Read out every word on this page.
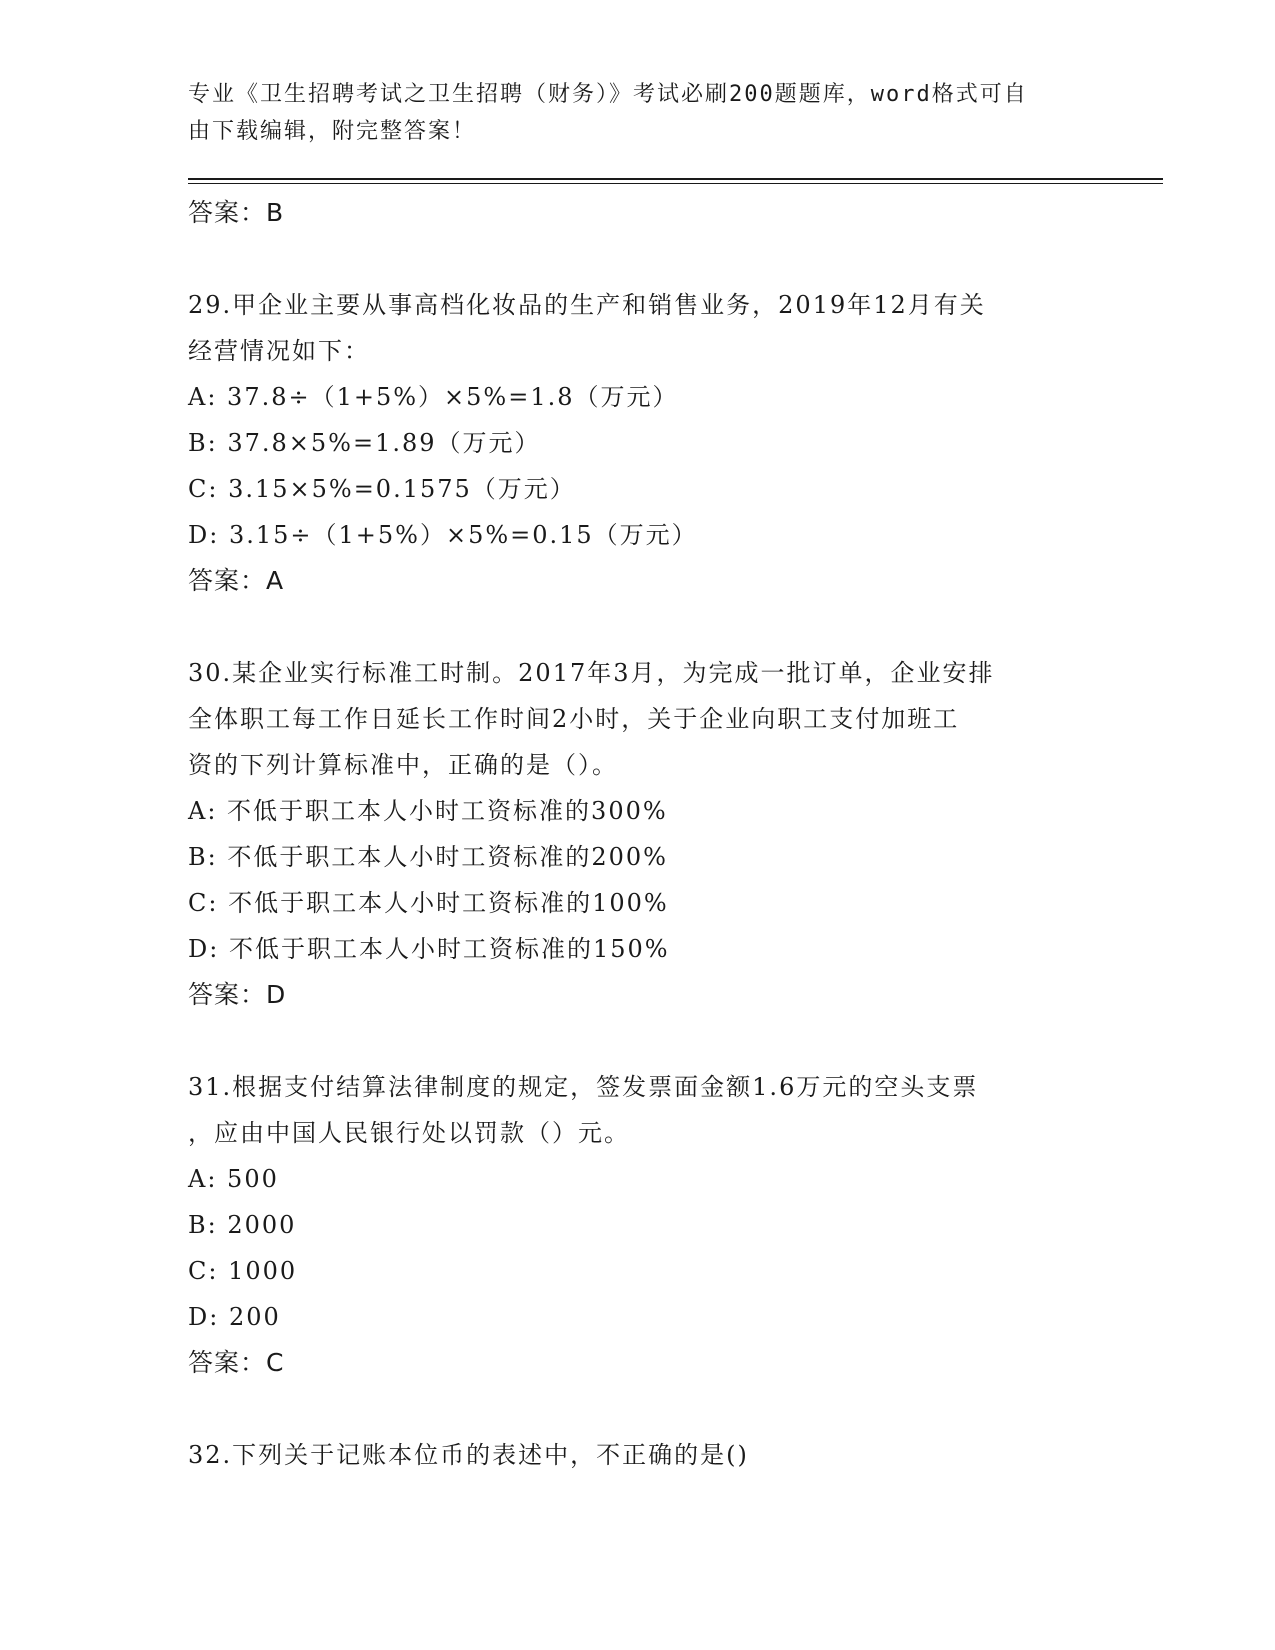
专业《卫生招聘考试之卫生招聘（财务）》考试必刷200题题库，word格式可自
由下载编辑，附完整答案！
答案：B
29.甲企业主要从事高档化妆品的生产和销售业务，2019年12月有关
经营情况如下：
A: 37.8÷（1+5%）×5%=1.8（万元）
B: 37.8×5%=1.89（万元）
C: 3.15×5%=0.1575（万元）
D: 3.15÷（1+5%）×5%=0.15（万元）
答案：A
30.某企业实行标准工时制。2017年3月，为完成一批订单，企业安排
全体职工每工作日延长工作时间2小时，关于企业向职工支付加班工
资的下列计算标准中，正确的是（）。
A: 不低于职工本人小时工资标准的300%
B: 不低于职工本人小时工资标准的200%
C: 不低于职工本人小时工资标准的100%
D: 不低于职工本人小时工资标准的150%
答案：D
31.根据支付结算法律制度的规定，签发票面金额1.6万元的空头支票
，应由中国人民银行处以罚款（）元。
A: 500
B: 2000
C: 1000
D: 200
答案：C
32.下列关于记账本位币的表述中，不正确的是()
